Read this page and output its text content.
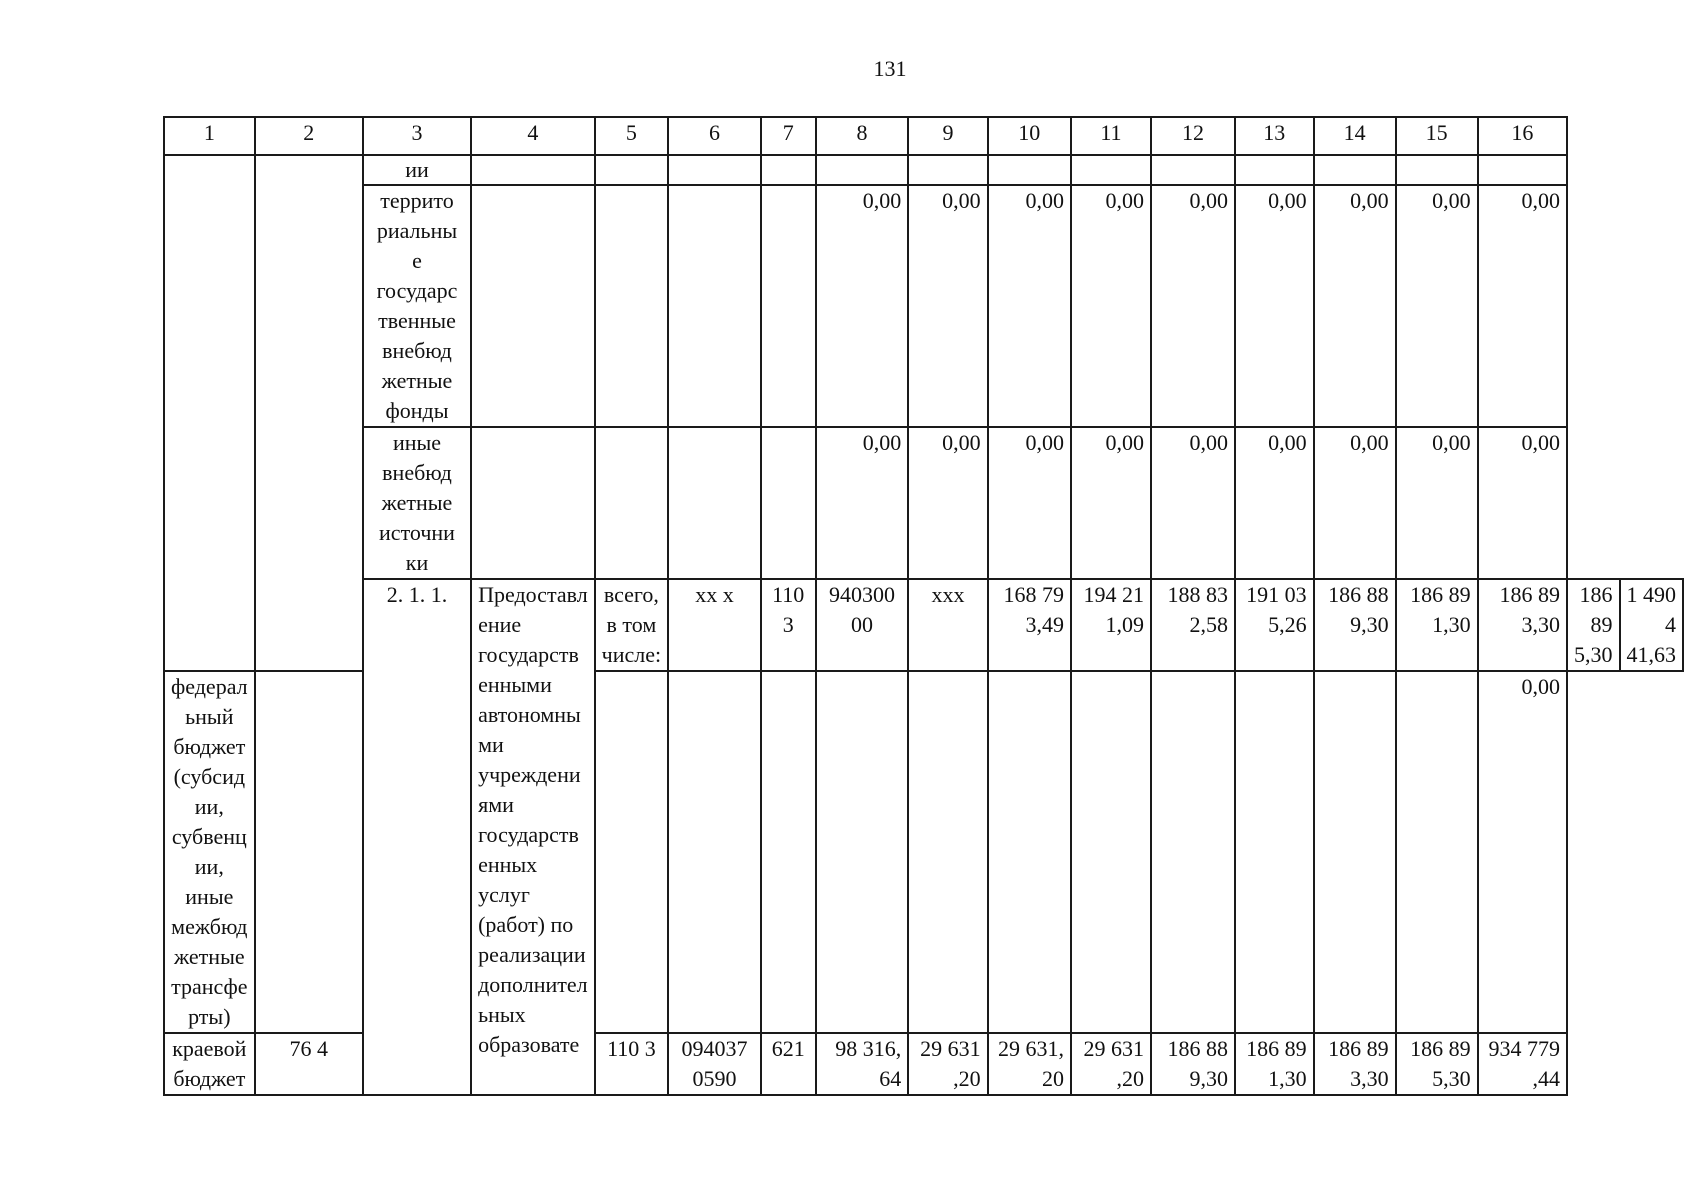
131
1	2	3	4	5	6	7	8	9	10	11	12	13	14	15	16		
		ии															
		террито риальны е государс твенные внебюд жетные фонды					0,00	0,00	0,00	0,00	0,00	0,00	0,00	0,00	0,00		
		иные внебюд жетные источни ки					0,00	0,00	0,00	0,00	0,00	0,00	0,00	0,00	0,00		
		2. 1. 1.	Предоставл ение государств енными автономны ми учреждени ями государств енных услуг (работ) по реализации дополнител ьных образовате	всего, в том числе:	хх х	110 3	940300 00	ххх	168 79 3,49	194 21 1,09	188 83 2,58	191 03 5,26	186 88 9,30	186 89 1,30	186 89 3,30	186 89 5,30	1 490 4 41,63
федерал ьный бюджет (субсид ии, субвенц ии, иные межбюд жетные трансфе рты)															0,00		
краевой бюджет	76 4			110 3	094037 0590	621	98 316, 64	29 631 ,20	29 631, 20	29 631 ,20	186 88 9,30	186 89 1,30	186 89 3,30	186 89 5,30	934 779 ,44		
